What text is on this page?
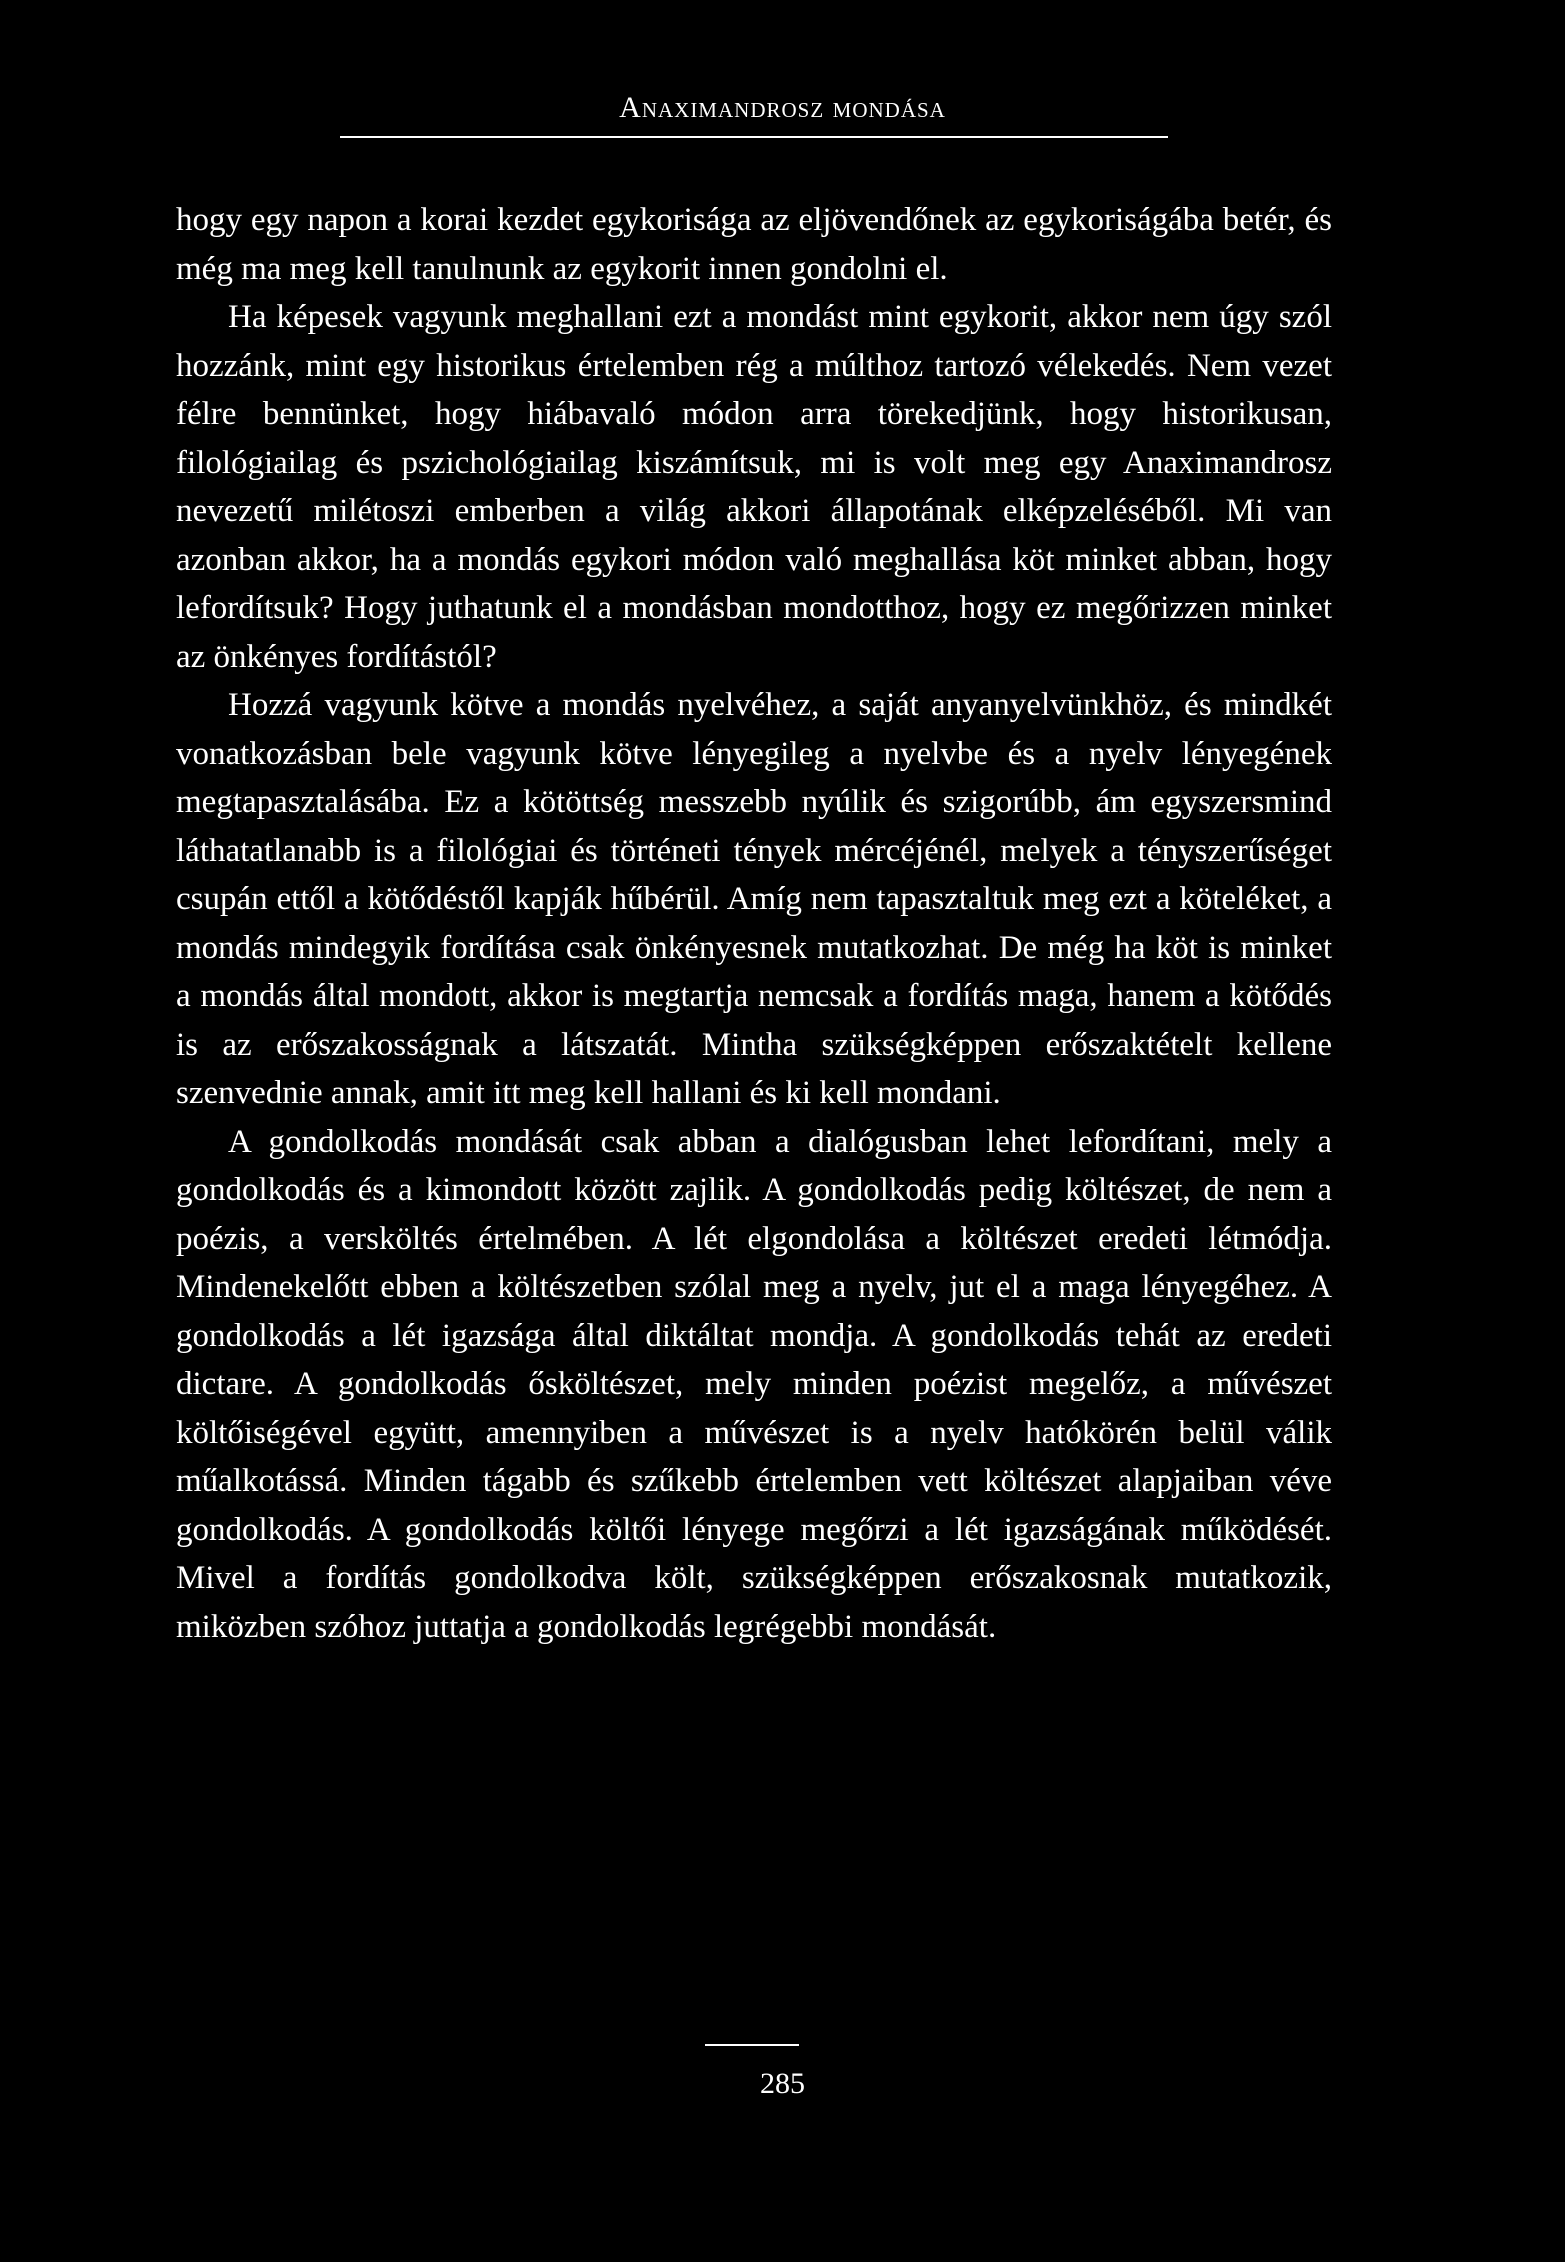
Anaximandrosz mondása

hogy egy napon a korai kezdet egykorisága az eljövendőnek az egykoriságába betér, és még ma meg kell tanulnunk az egykorit innen gondolni el.

Ha képesek vagyunk meghallani ezt a mondást mint egykorit, akkor nem úgy szól hozzánk, mint egy historikus értelemben rég a múlthoz tartozó vélekedés. Nem vezet félre bennünket, hogy hiábavaló módon arra törekedjünk, hogy historikusan, filológiailag és pszichológiailag kiszámítsuk, mi is volt meg egy Anaximandrosz nevezetű milétoszi emberben a világ akkori állapotának elképzeléséből. Mi van azonban akkor, ha a mondás egykori módon való meghallása köt minket abban, hogy lefordítsuk? Hogy juthatunk el a mondásban mondotthoz, hogy ez megőrizzen minket az önkényes fordítástól?

Hozzá vagyunk kötve a mondás nyelvéhez, a saját anyanyelvünkhöz, és mindkét vonatkozásban bele vagyunk kötve lényegileg a nyelvbe és a nyelv lényegének megtapasztalásába. Ez a kötöttség messzebb nyúlik és szigorúbb, ám egyszersmind láthatatlanabb is a filológiai és történeti tények mércéjénél, melyek a tényszerűséget csupán ettől a kötődéstől kapják hűbérül. Amíg nem tapasztaltuk meg ezt a köteléket, a mondás mindegyik fordítása csak önkényesnek mutatkozhat. De még ha köt is minket a mondás által mondott, akkor is megtartja nemcsak a fordítás maga, hanem a kötődés is az erőszakosságnak a látszatát. Mintha szükségképpen erőszaktételt kellene szenvednie annak, amit itt meg kell hallani és ki kell mondani.

A gondolkodás mondását csak abban a dialógusban lehet lefordítani, mely a gondolkodás és a kimondott között zajlik. A gondolkodás pedig költészet, de nem a poézis, a versköltés értelmében. A lét elgondolása a költészet eredeti létmódja. Mindenekelőtt ebben a költészetben szólal meg a nyelv, jut el a maga lényegéhez. A gondolkodás a lét igazsága által diktáltat mondja. A gondolkodás tehát az eredeti dictare. A gondolkodás ősköltészet, mely minden poézist megelőz, a művészet költőiségével együtt, amennyiben a művészet is a nyelv hatókörén belül válik műalkotássá. Minden tágabb és szűkebb értelemben vett költészet alapjaiban véve gondolkodás. A gondolkodás költői lényege megőrzi a lét igazságának működését. Mivel a fordítás gondolkodva költ, szükségképpen erőszakosnak mutatkozik, miközben szóhoz juttatja a gondolkodás legrégebbi mondását.

285
